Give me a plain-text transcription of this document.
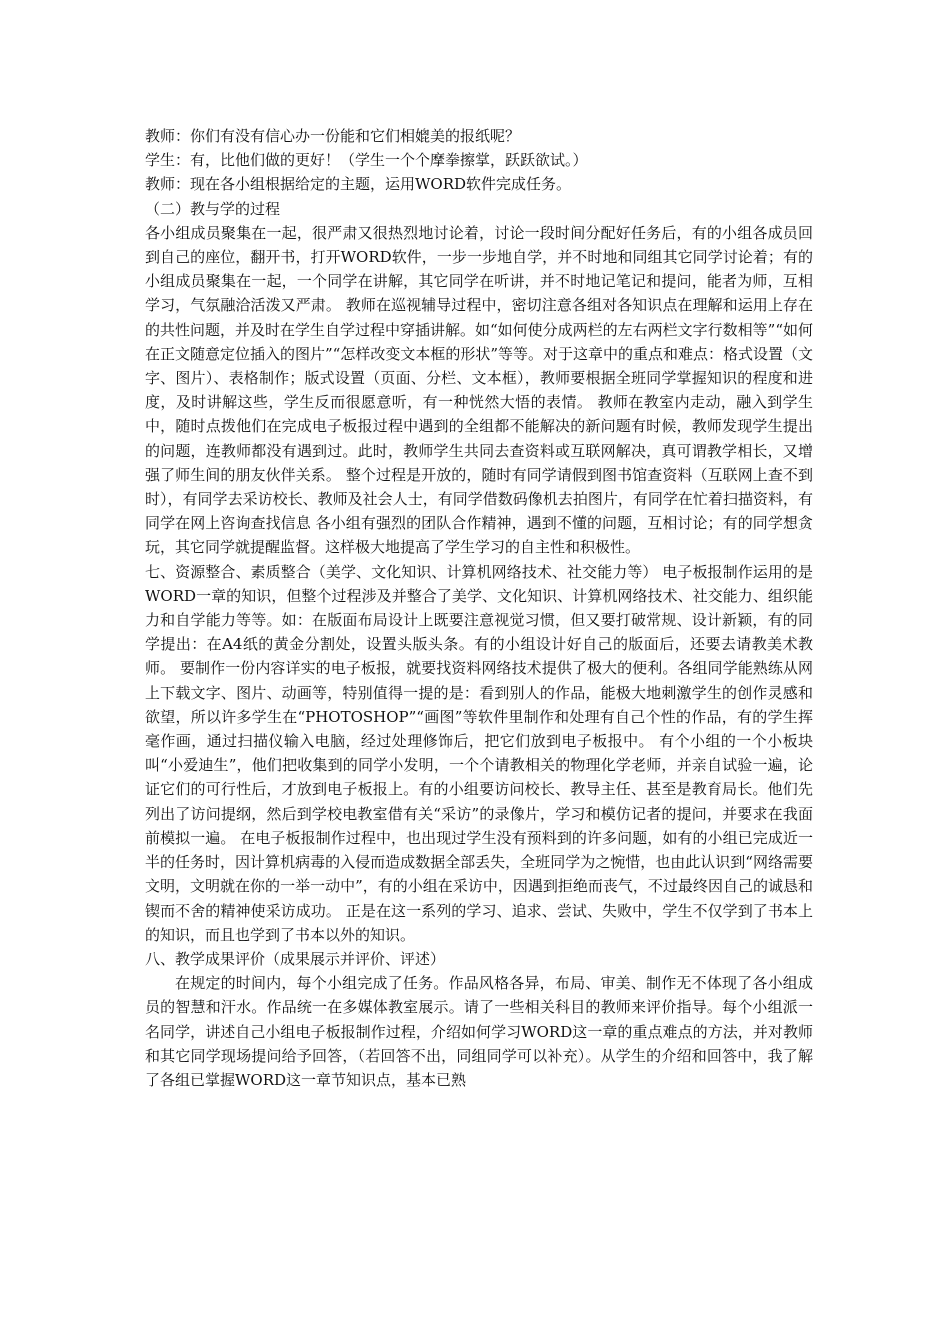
教师：你们有没有信心办一份能和它们相媲美的报纸呢？

学生：有，比他们做的更好！（学生一个个摩拳擦掌，跃跃欲试。）

教师：现在各小组根据给定的主题，运用WORD软件完成任务。

（二）教与学的过程

各小组成员聚集在一起，很严肃又很热烈地讨论着，讨论一段时间分配好任务后，有的小组各成员回到自己的座位，翻开书，打开WORD软件，一步一步地自学，并不时地和同组其它同学讨论着；有的小组成员聚集在一起，一个同学在讲解，其它同学在听讲，并不时地记笔记和提问，能者为师，互相学习，气氛融洽活泼又严肃。 教师在巡视辅导过程中，密切注意各组对各知识点在理解和运用上存在的共性问题，并及时在学生自学过程中穿插讲解。如“如何使分成两栏的左右两栏文字行数相等”“如何在正文随意定位插入的图片”“怎样改变文本框的形状”等等。对于这章中的重点和难点：格式设置（文字、图片）、表格制作；版式设置（页面、分栏、文本框），教师要根据全班同学掌握知识的程度和进度，及时讲解这些，学生反而很愿意听，有一种恍然大悟的表情。 教师在教室内走动，融入到学生中，随时点拨他们在完成电子板报过程中遇到的全组都不能解决的新问题有时候，教师发现学生提出的问题，连教师都没有遇到过。此时，教师学生共同去查资料或互联网解决，真可谓教学相长，又增强了师生间的朋友伙伴关系。 整个过程是开放的，随时有同学请假到图书馆查资料（互联网上查不到时），有同学去采访校长、教师及社会人士，有同学借数码像机去拍图片，有同学在忙着扫描资料，有同学在网上咨询查找信息 各小组有强烈的团队合作精神，遇到不懂的问题，互相讨论；有的同学想贪玩，其它同学就提醒监督。这样极大地提高了学生学习的自主性和积极性。

七、资源整合、素质整合（美学、文化知识、计算机网络技术、社交能力等） 电子板报制作运用的是WORD一章的知识，但整个过程涉及并整合了美学、文化知识、计算机网络技术、社交能力、组织能力和自学能力等等。如：在版面布局设计上既要注意视觉习惯，但又要打破常规、设计新颖，有的同学提出：在A4纸的黄金分割处，设置头版头条。有的小组设计好自己的版面后，还要去请教美术教师。 要制作一份内容详实的电子板报，就要找资料网络技术提供了极大的便利。各组同学能熟练从网上下载文字、图片、动画等，特别值得一提的是：看到别人的作品，能极大地刺激学生的创作灵感和欲望，所以许多学生在“PHOTOSHOP”“画图”等软件里制作和处理有自己个性的作品，有的学生挥毫作画，通过扫描仪输入电脑，经过处理修饰后，把它们放到电子板报中。 有个小组的一个小板块叫“小爱迪生”，他们把收集到的同学小发明，一个个请教相关的物理化学老师，并亲自试验一遍，论证它们的可行性后，才放到电子板报上。有的小组要访问校长、教导主任、甚至是教育局长。他们先列出了访问提纲，然后到学校电教室借有关“采访”的录像片，学习和模仿记者的提问，并要求在我面前模拟一遍。 在电子板报制作过程中，也出现过学生没有预料到的许多问题，如有的小组已完成近一半的任务时，因计算机病毒的入侵而造成数据全部丢失，全班同学为之惋惜，也由此认识到“网络需要文明，文明就在你的一举一动中”，有的小组在采访中，因遇到拒绝而丧气，不过最终因自己的诚恳和锲而不舍的精神使采访成功。 正是在这一系列的学习、追求、尝试、失败中，学生不仅学到了书本上的知识，而且也学到了书本以外的知识。

八、教学成果评价（成果展示并评价、评述）

在规定的时间内，每个小组完成了任务。作品风格各异，布局、审美、制作无不体现了各小组成员的智慧和汗水。作品统一在多媒体教室展示。请了一些相关科目的教师来评价指导。每个小组派一名同学，讲述自己小组电子板报制作过程，介绍如何学习WORD这一章的重点难点的方法，并对教师和其它同学现场提问给予回答，（若回答不出，同组同学可以补充）。从学生的介绍和回答中，我了解了各组已掌握WORD这一章节知识点，基本已熟
